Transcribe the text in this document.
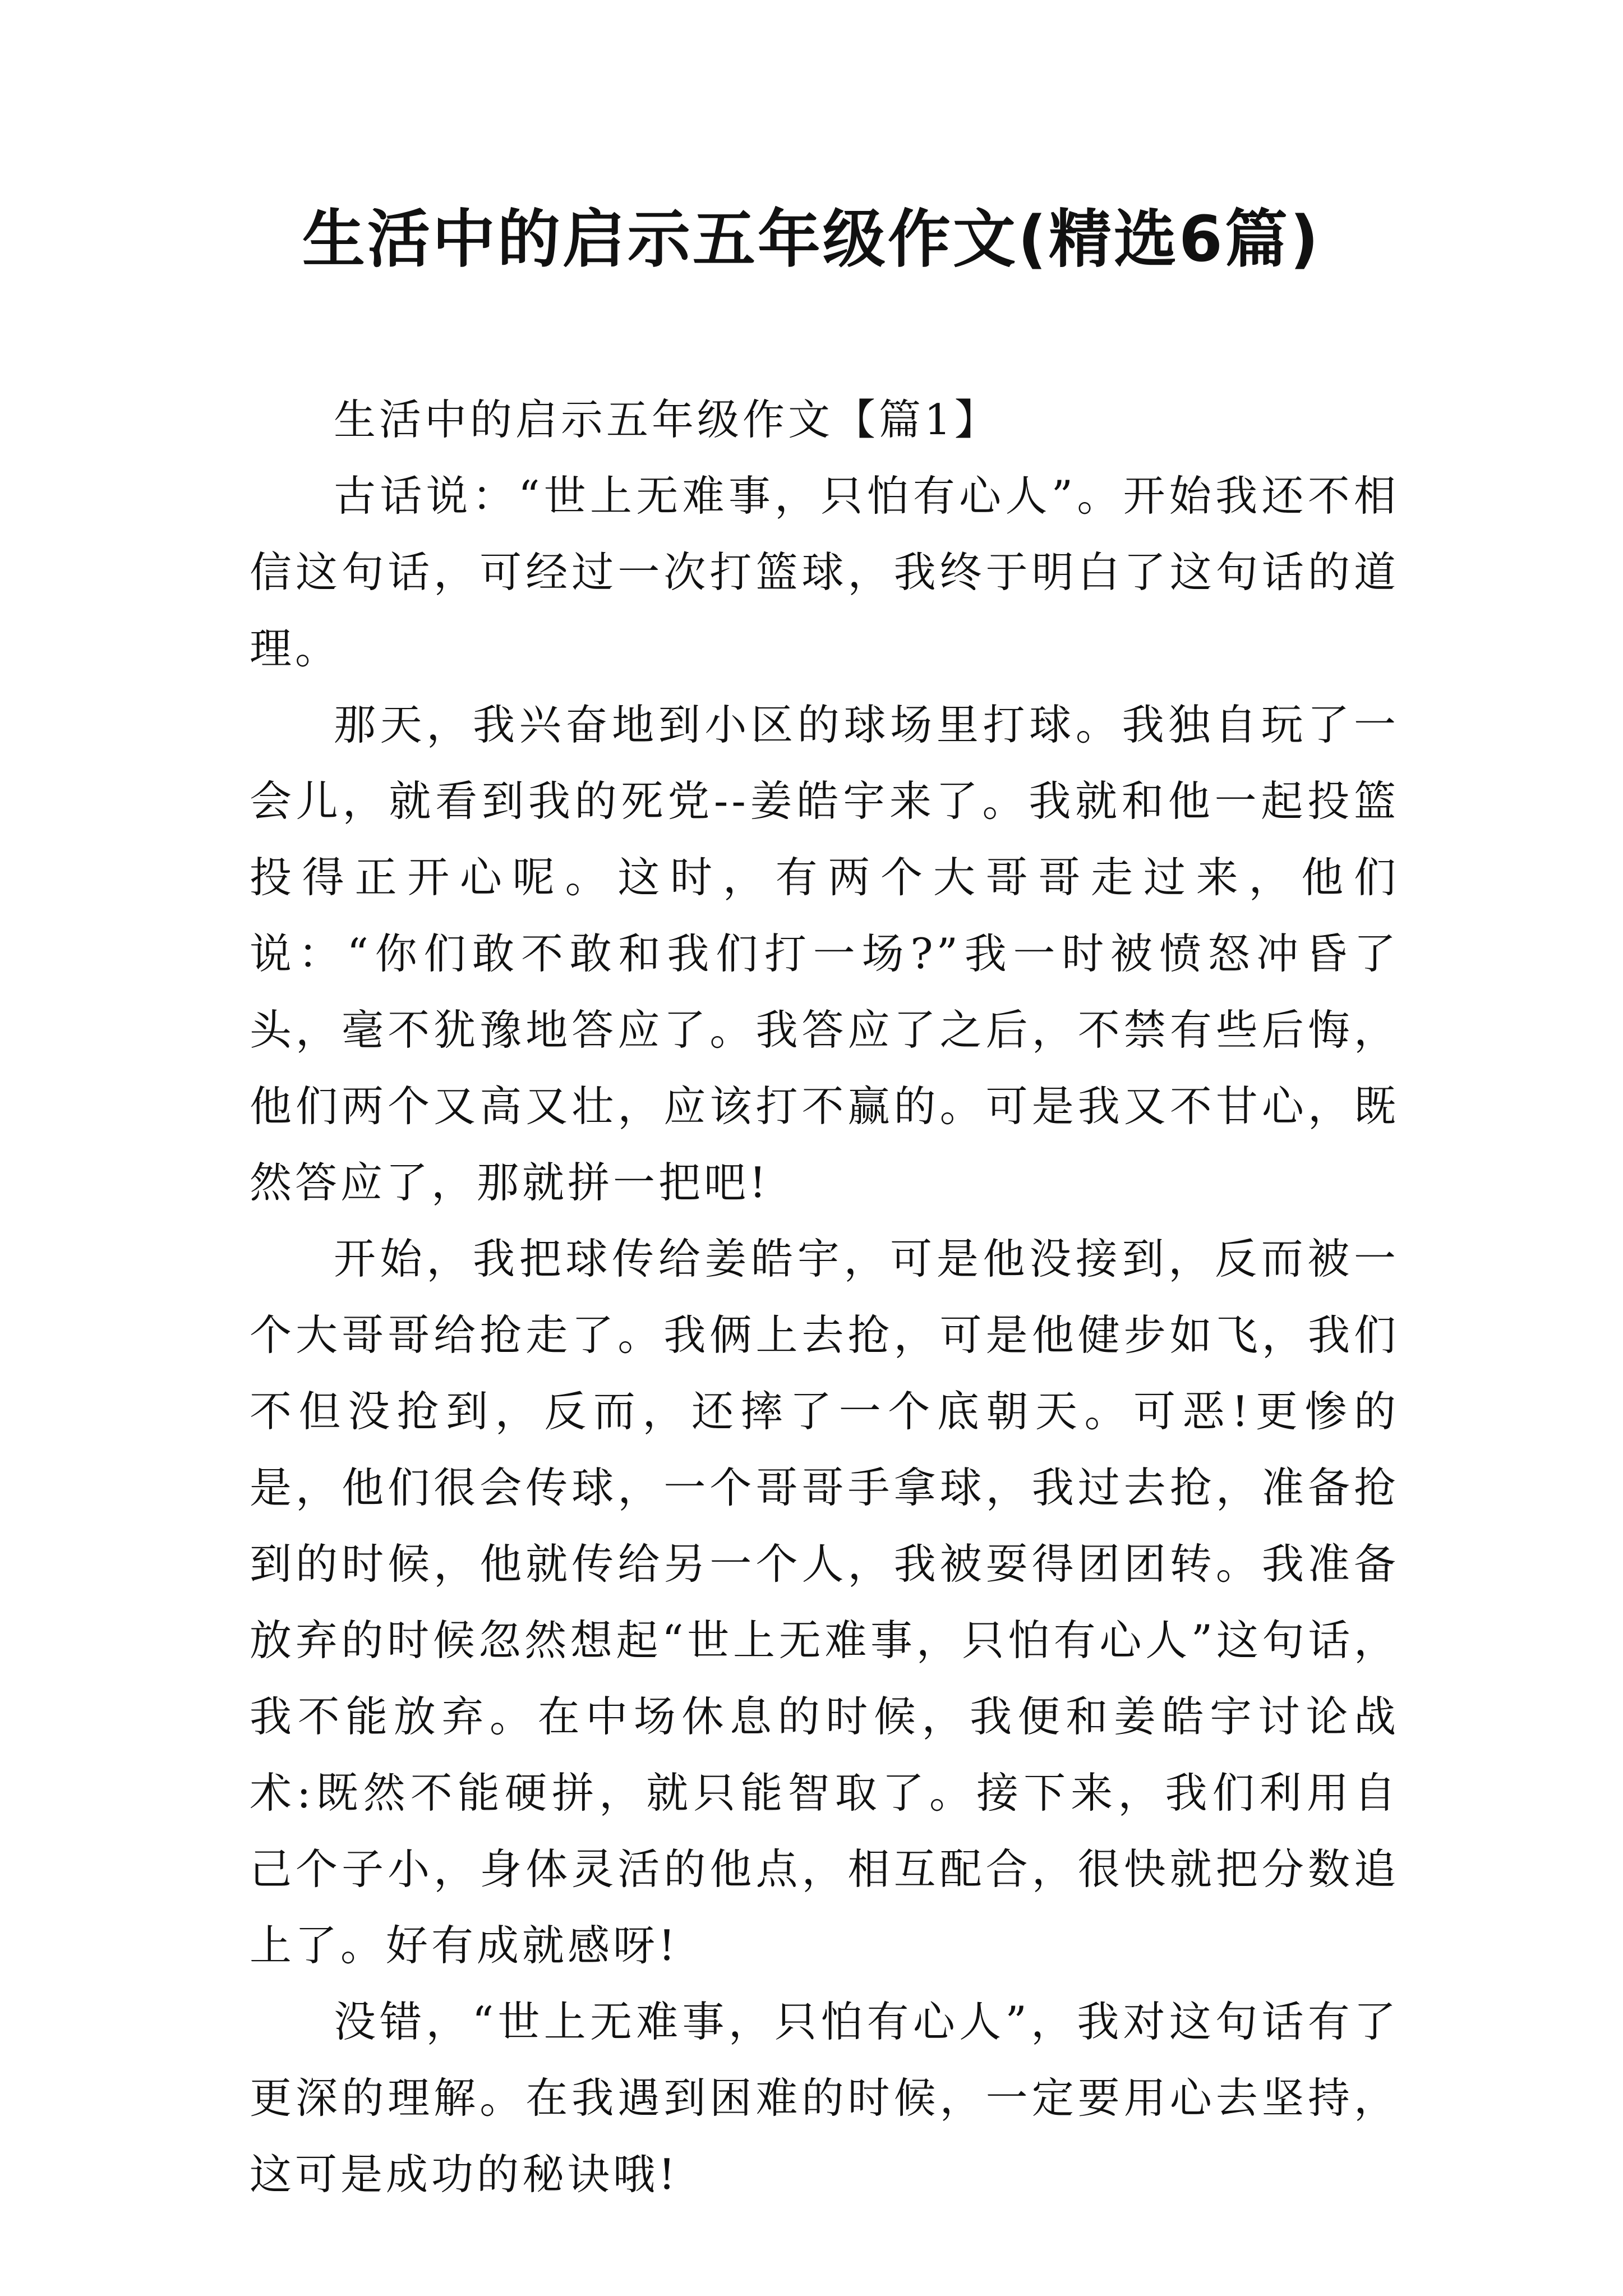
生活中的启示五年级作文(精选6篇)

生活中的启示五年级作文【篇1】

古话说：“世上无难事，只怕有心人”。开始我还不相信这句话，可经过一次打篮球，我终于明白了这句话的道理。

那天，我兴奋地到小区的球场里打球。我独自玩了一会儿，就看到我的死党--姜皓宇来了。我就和他一起投篮投得正开心呢。这时，有两个大哥哥走过来，他们说：“你们敢不敢和我们打一场?”我一时被愤怒冲昏了头，毫不犹豫地答应了。我答应了之后，不禁有些后悔，他们两个又高又壮，应该打不赢的。可是我又不甘心，既然答应了，那就拼一把吧!

开始，我把球传给姜皓宇，可是他没接到，反而被一个大哥哥给抢走了。我俩上去抢，可是他健步如飞，我们不但没抢到，反而，还摔了一个底朝天。可恶!更惨的是，他们很会传球，一个哥哥手拿球，我过去抢，准备抢到的时候，他就传给另一个人，我被耍得团团转。我准备放弃的时候忽然想起“世上无难事，只怕有心人”这句话，我不能放弃。在中场休息的时候，我便和姜皓宇讨论战术:既然不能硬拼，就只能智取了。接下来，我们利用自己个子小，身体灵活的他点，相互配合，很快就把分数追上了。好有成就感呀!

没错，“世上无难事，只怕有心人”，我对这句话有了更深的理解。在我遇到困难的时候，一定要用心去坚持，这可是成功的秘诀哦!
